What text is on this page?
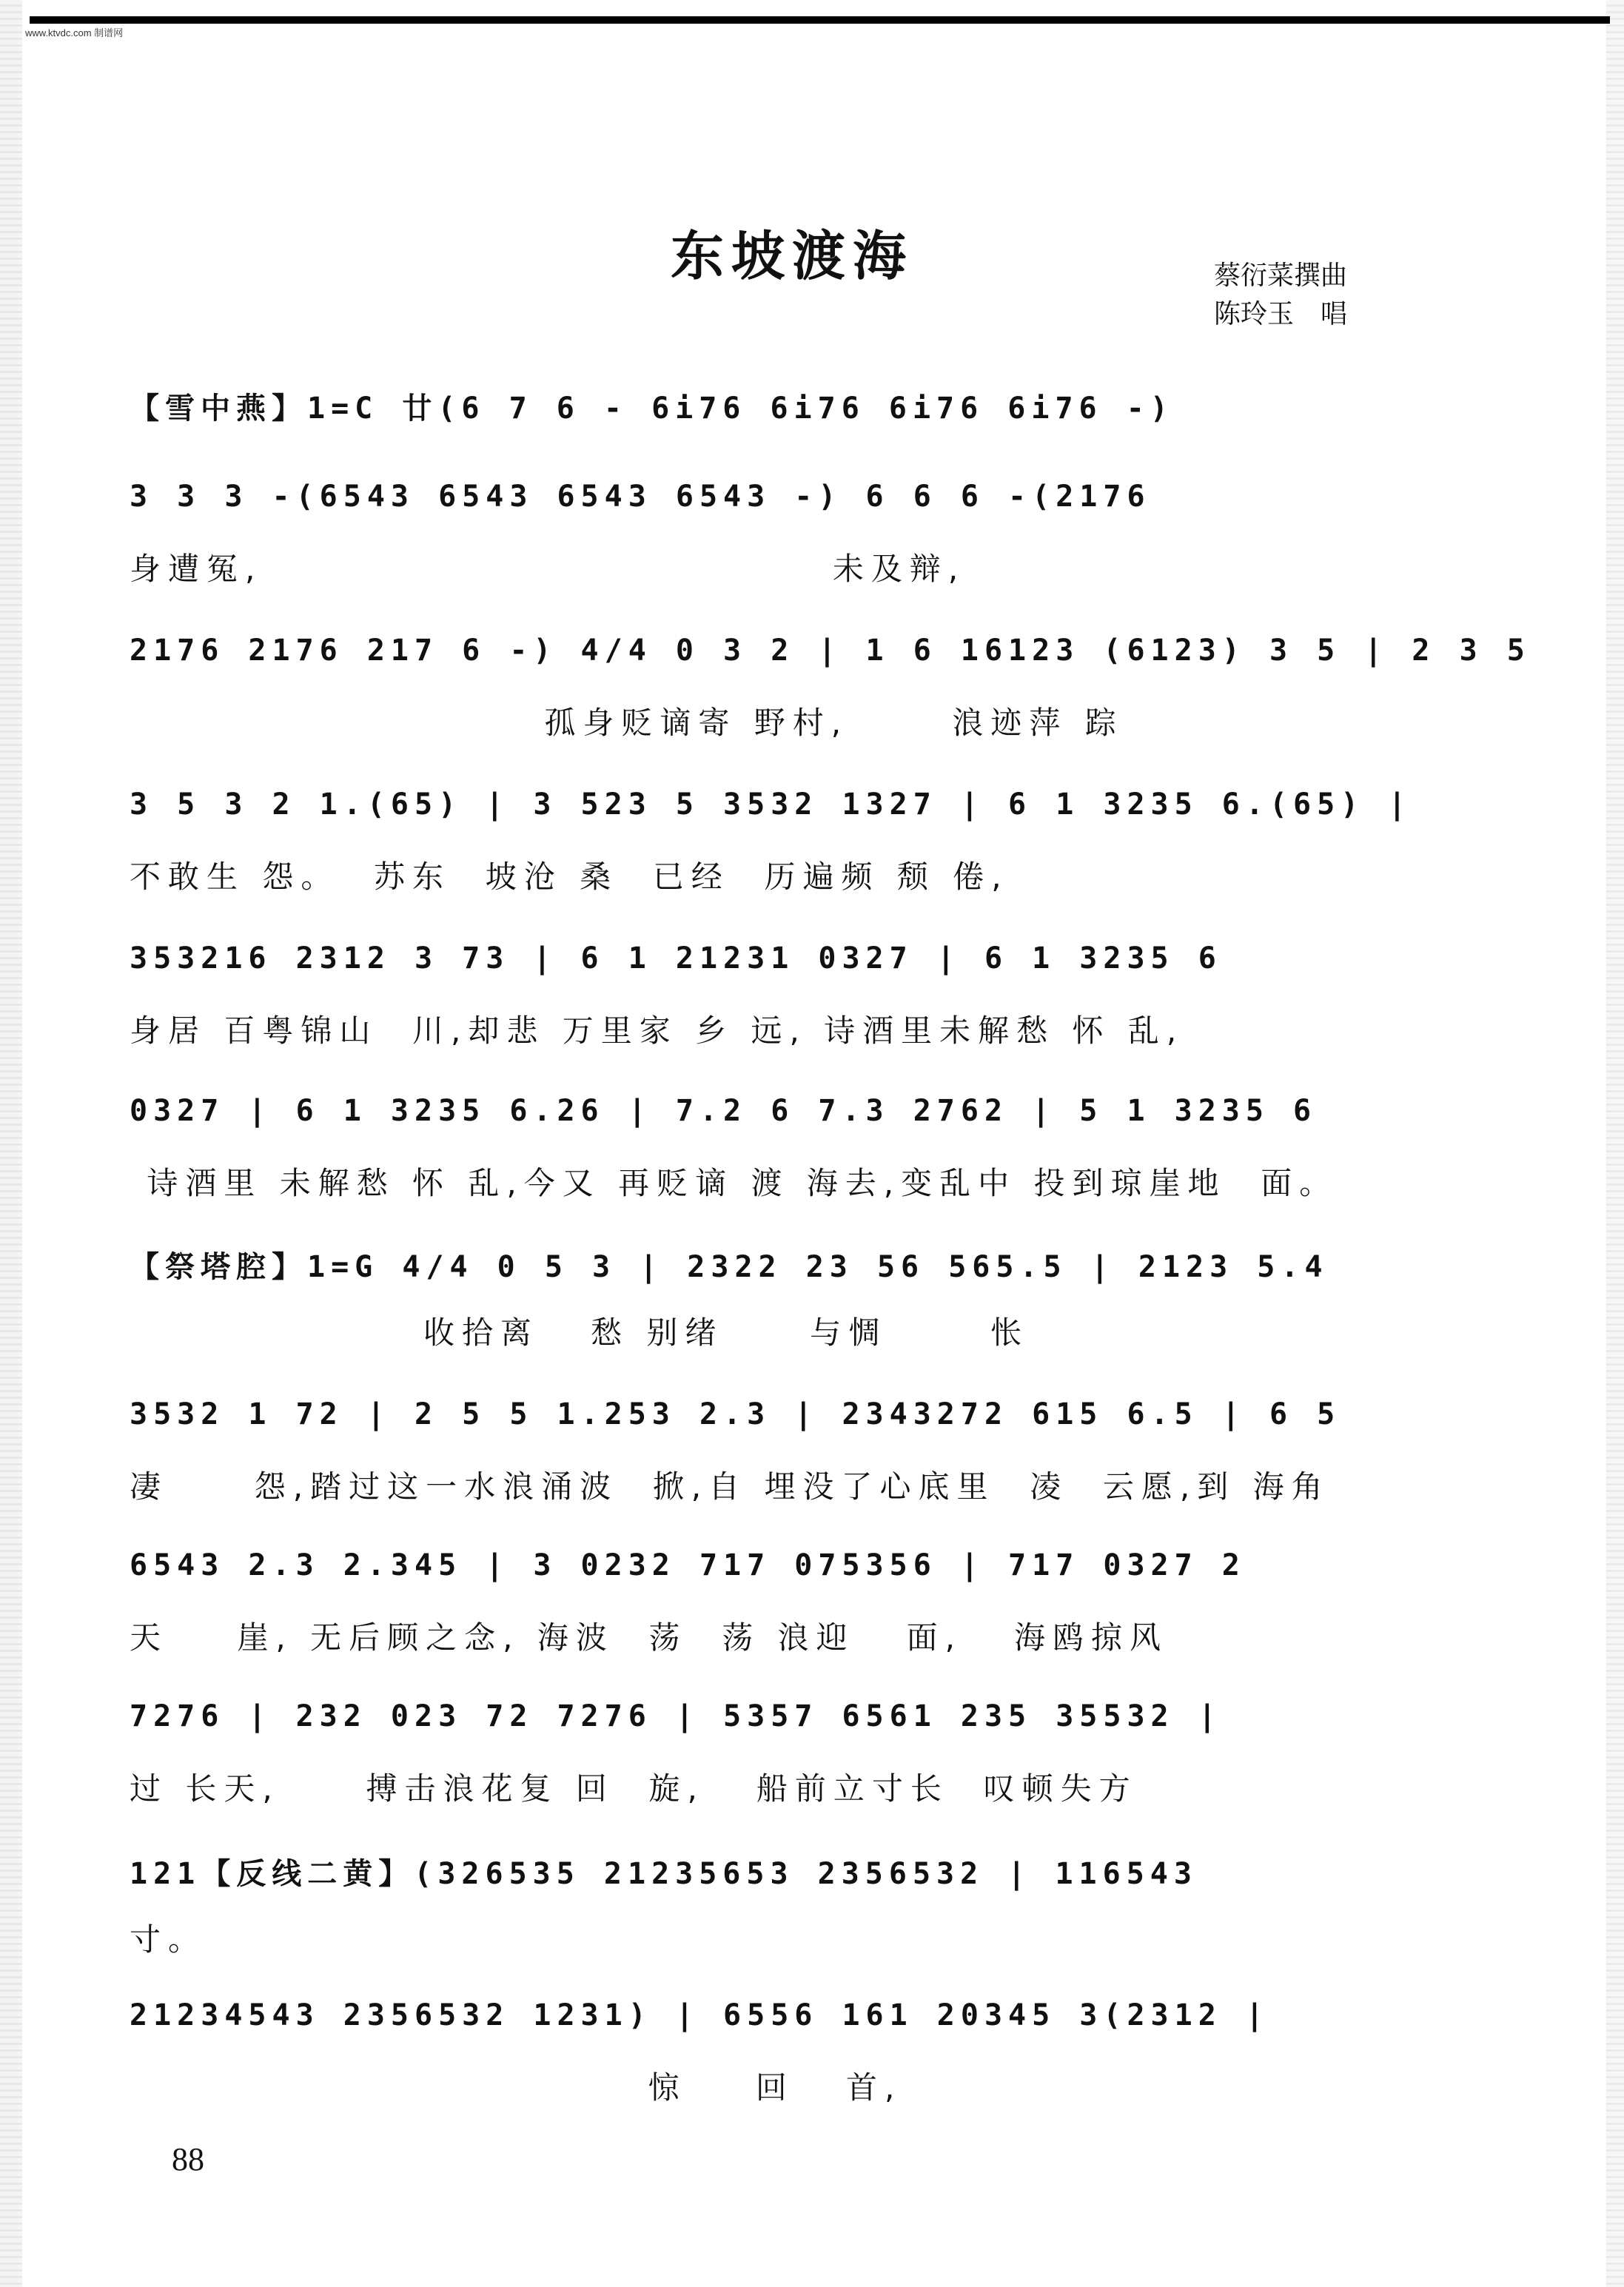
www.ktvdc.com 制谱网
东坡渡海	蔡衍菜撰曲
陈玲玉　唱
【雪中燕】1=C 廿(6 7 6 - 6i76 6i76 6i76 6i76 -)
3 3 3 -(6543 6543 6543 6543 -) 6 6 6 -(2176
身遭冤,                                 未及辩,
2176 2176 217 6 -) 4/4 0 3 2 | 1 6 16123 (6123) 3 5 | 2 3 5
孤身贬谪寄 野村,      浪迹萍 踪
3 5 3 2 1.(65) | 3 523 5 3532 1327 | 6 1 3235 6.(65) |
不敢生 怨。  苏东  坡沧 桑  已经  历遍频 颓 倦,
353216 2312 3 73 | 6 1 21231 0327 | 6 1 3235 6
身居 百粤锦山  川,却悲 万里家 乡 远, 诗酒里未解愁 怀 乱,
0327 | 6 1 3235 6.26 | 7.2 6 7.3 2762 | 5 1 3235 6
诗酒里 未解愁 怀 乱,今又 再贬谪 渡 海去,变乱中 投到琼崖地  面。
【祭塔腔】1=G 4/4 0 5 3 | 2322 23 56 565.5 | 2123 5.4
收拾离   愁 别绪     与惆      怅
3532 1 72 | 2 5 5 1.253 2.3 | 2343272 615 6.5 | 6 5
凄     怨,踏过这一水浪涌波  掀,自 埋没了心底里  凌  云愿,到 海角
6543 2.3 2.345 | 3 0232 717 075356 | 717 0327 2
天    崖, 无后顾之念, 海波  荡  荡 浪迎   面,   海鸥掠风
7276 | 232 023 72 7276 | 5357 6561 235 35532 |
过 长天,     搏击浪花复 回  旋,   船前立寸长  叹顿失方
121【反线二黄】(326535 21235653 2356532 | 116543
寸。
21234543 2356532 1231) | 6556 161 20345 3(2312 |
惊    回   首,
88
